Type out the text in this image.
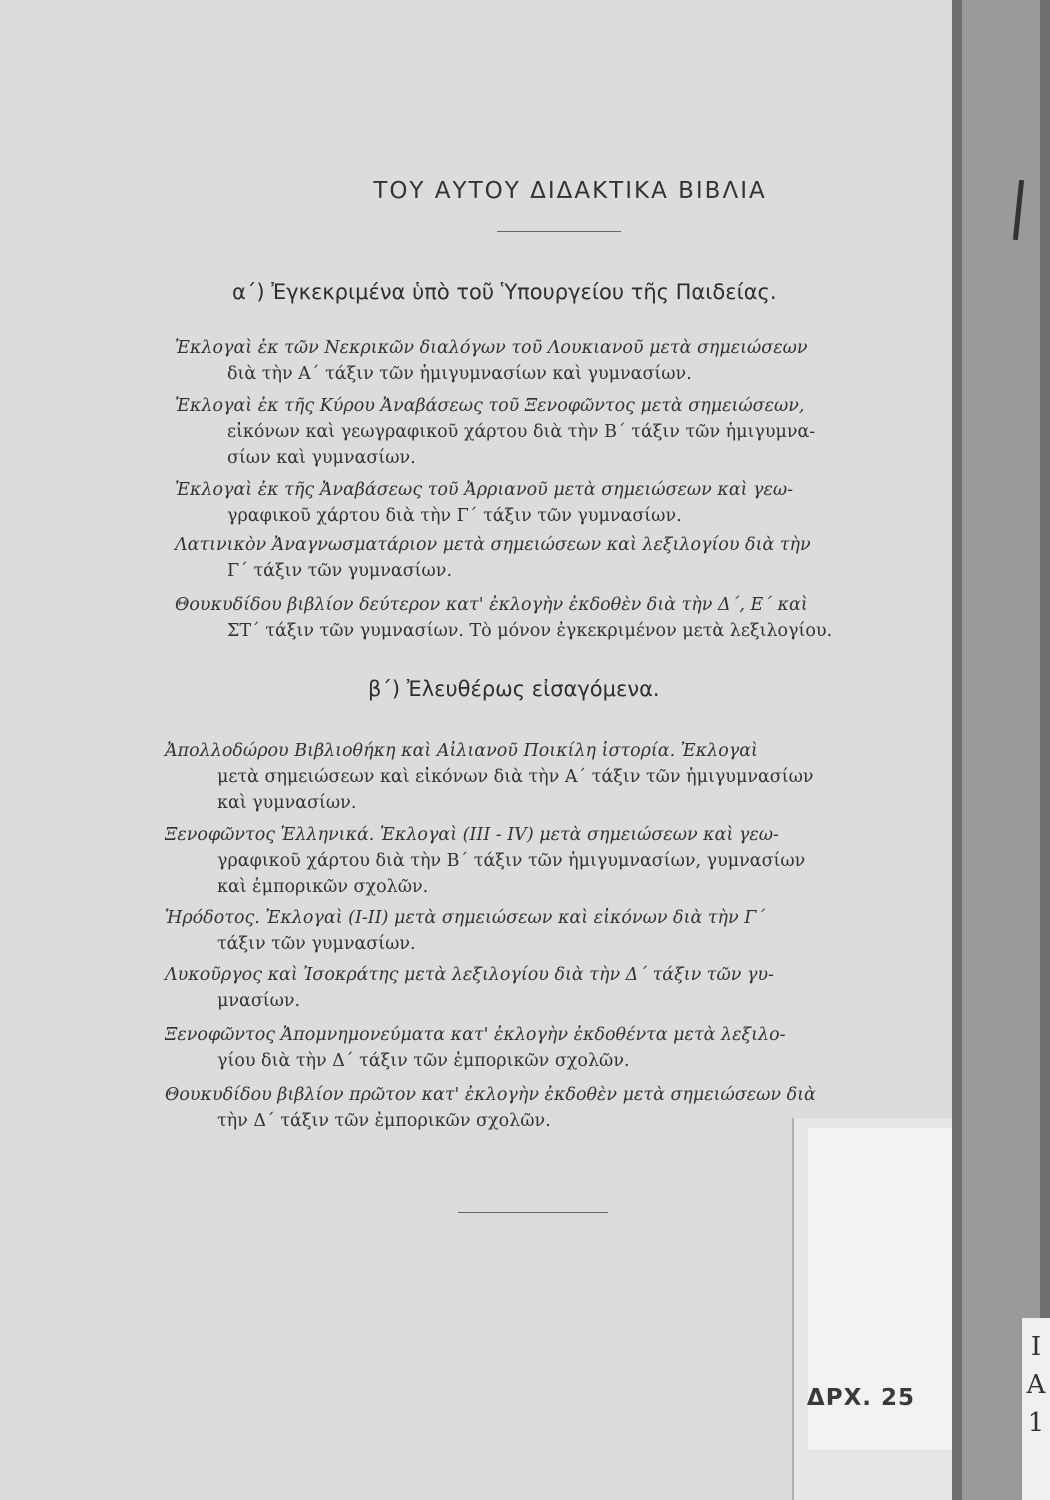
ΤΟΥ ΑΥΤΟΥ ΔΙΔΑΚΤΙΚΑ ΒΙΒΛΙΑ
α΄) Ἐγκεκριμένα ὑπὸ τοῦ Ὑπουργείου τῆς Παιδείας.
Ἐκλογαὶ ἐκ τῶν Νεκρικῶν διαλόγων τοῦ Λουκιανοῦ μετὰ σημειώσεων
διὰ τὴν Α΄ τάξιν τῶν ἡμιγυμνασίων καὶ γυμνασίων.
Ἐκλογαὶ ἐκ τῆς Κύρου Ἀναβάσεως τοῦ Ξενοφῶντος μετὰ σημειώσεων,
εἰκόνων καὶ γεωγραφικοῦ χάρτου διὰ τὴν Β΄ τάξιν τῶν ἡμιγυμνα-
σίων καὶ γυμνασίων.
Ἐκλογαὶ ἐκ τῆς Ἀναβάσεως τοῦ Ἀρριανοῦ μετὰ σημειώσεων καὶ γεω-
γραφικοῦ χάρτου διὰ τὴν Γ΄ τάξιν τῶν γυμνασίων.
Λατινικὸν Ἀναγνωσματάριον μετὰ σημειώσεων καὶ λεξιλογίου διὰ τὴν
Γ΄ τάξιν τῶν γυμνασίων.
Θουκυδίδου βιβλίον δεύτερον κατ' ἐκλογὴν ἐκδοθὲν διὰ τὴν Δ΄, Ε΄ καὶ
ΣΤ΄ τάξιν τῶν γυμνασίων. Τὸ μόνον ἐγκεκριμένον μετὰ λεξιλογίου.
β΄) Ἐλευθέρως εἰσαγόμενα.
Ἀπολλοδώρου Βιβλιοθήκη καὶ Αἰλιανοῦ Ποικίλη ἱστορία. Ἐκλογαὶ
μετὰ σημειώσεων καὶ εἰκόνων διὰ τὴν Α΄ τάξιν τῶν ἡμιγυμνασίων
καὶ γυμνασίων.
Ξενοφῶντος Ἑλληνικά. Ἐκλογαὶ (III - IV) μετὰ σημειώσεων καὶ γεω-
γραφικοῦ χάρτου διὰ τὴν Β΄ τάξιν τῶν ἡμιγυμνασίων, γυμνασίων
καὶ ἐμπορικῶν σχολῶν.
Ἡρόδοτος. Ἐκλογαὶ (I-II) μετὰ σημειώσεων καὶ εἰκόνων διὰ τὴν Γ΄
τάξιν τῶν γυμνασίων.
Λυκοῦργος καὶ Ἰσοκράτης μετὰ λεξιλογίου διὰ τὴν Δ΄ τάξιν τῶν γυ-
μνασίων.
Ξενοφῶντος Ἀπομνημονεύματα κατ' ἐκλογὴν ἐκδοθέντα μετὰ λεξιλο-
γίου διὰ τὴν Δ΄ τάξιν τῶν ἐμπορικῶν σχολῶν.
Θουκυδίδου βιβλίον πρῶτον κατ' ἐκλογὴν ἐκδοθὲν μετὰ σημειώσεων διὰ
τὴν Δ΄ τάξιν τῶν ἐμπορικῶν σχολῶν.
ΔΡΧ. 25
Ι
Α
1
